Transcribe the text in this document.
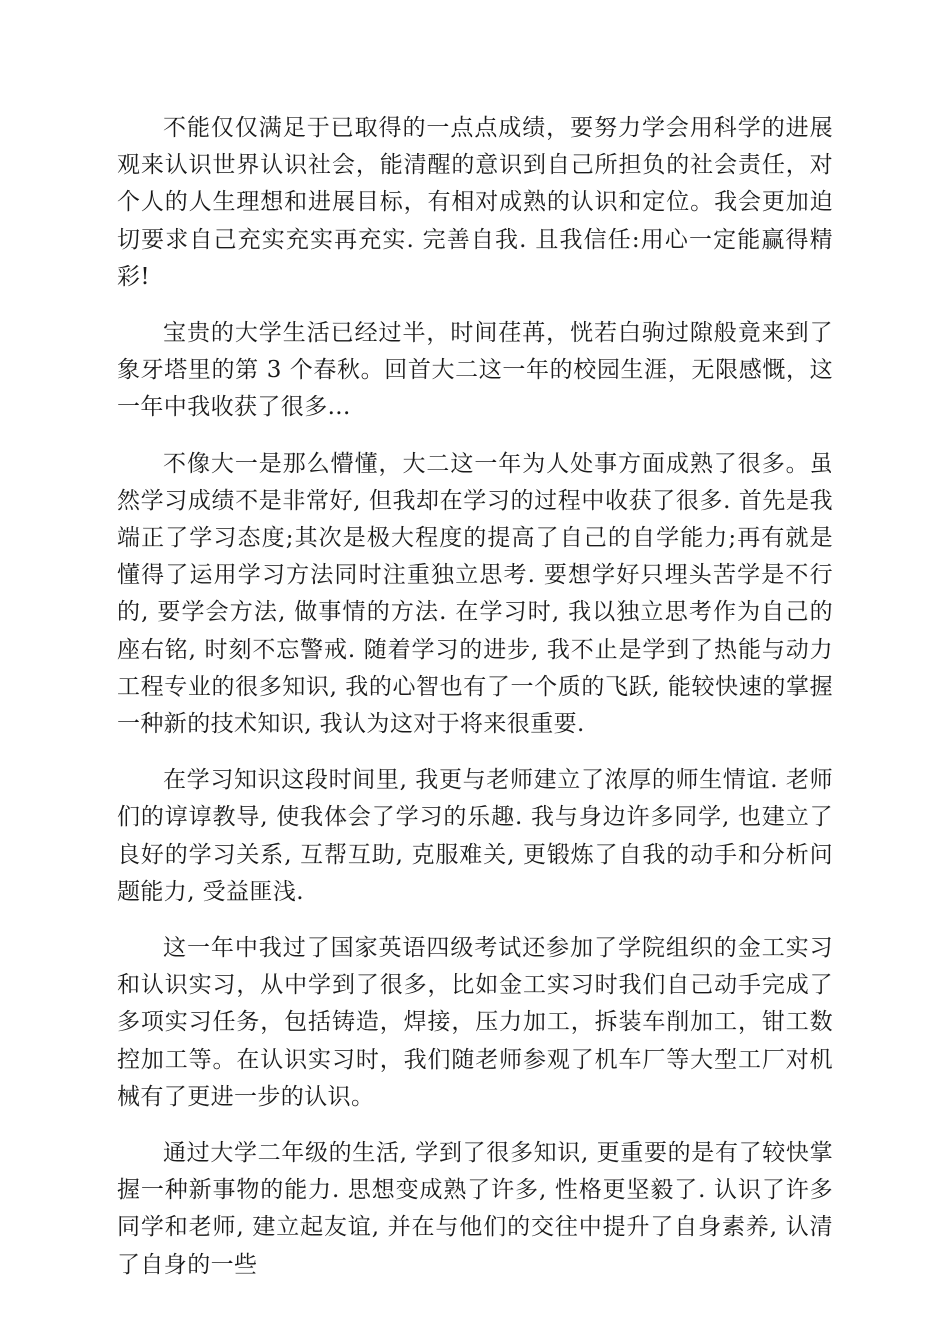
不能仅仅满足于已取得的一点点成绩，要努力学会用科学的进展观来认识世界认识社会，能清醒的意识到自己所担负的社会责任，对个人的人生理想和进展目标，有相对成熟的认识和定位。我会更加迫切要求自己充实充实再充实. 完善自我. 且我信任:用心一定能赢得精彩!

宝贵的大学生活已经过半，时间荏苒，恍若白驹过隙般竟来到了象牙塔里的第 3 个春秋。回首大二这一年的校园生涯，无限感慨，这一年中我收获了很多...

不像大一是那么懵懂，大二这一年为人处事方面成熟了很多。虽然学习成绩不是非常好, 但我却在学习的过程中收获了很多. 首先是我端正了学习态度;其次是极大程度的提高了自己的自学能力;再有就是懂得了运用学习方法同时注重独立思考. 要想学好只埋头苦学是不行的, 要学会方法, 做事情的方法. 在学习时, 我以独立思考作为自己的座右铭, 时刻不忘警戒. 随着学习的进步, 我不止是学到了热能与动力工程专业的很多知识, 我的心智也有了一个质的飞跃, 能较快速的掌握一种新的技术知识, 我认为这对于将来很重要.

在学习知识这段时间里, 我更与老师建立了浓厚的师生情谊. 老师们的谆谆教导, 使我体会了学习的乐趣. 我与身边许多同学, 也建立了良好的学习关系, 互帮互助, 克服难关, 更锻炼了自我的动手和分析问题能力, 受益匪浅.

这一年中我过了国家英语四级考试还参加了学院组织的金工实习和认识实习，从中学到了很多，比如金工实习时我们自己动手完成了多项实习任务，包括铸造，焊接，压力加工，拆装车削加工，钳工数控加工等。在认识实习时，我们随老师参观了机车厂等大型工厂对机械有了更进一步的认识。

通过大学二年级的生活, 学到了很多知识, 更重要的是有了较快掌握一种新事物的能力. 思想变成熟了许多, 性格更坚毅了. 认识了许多同学和老师, 建立起友谊, 并在与他们的交往中提升了自身素养, 认清了自身的一些
